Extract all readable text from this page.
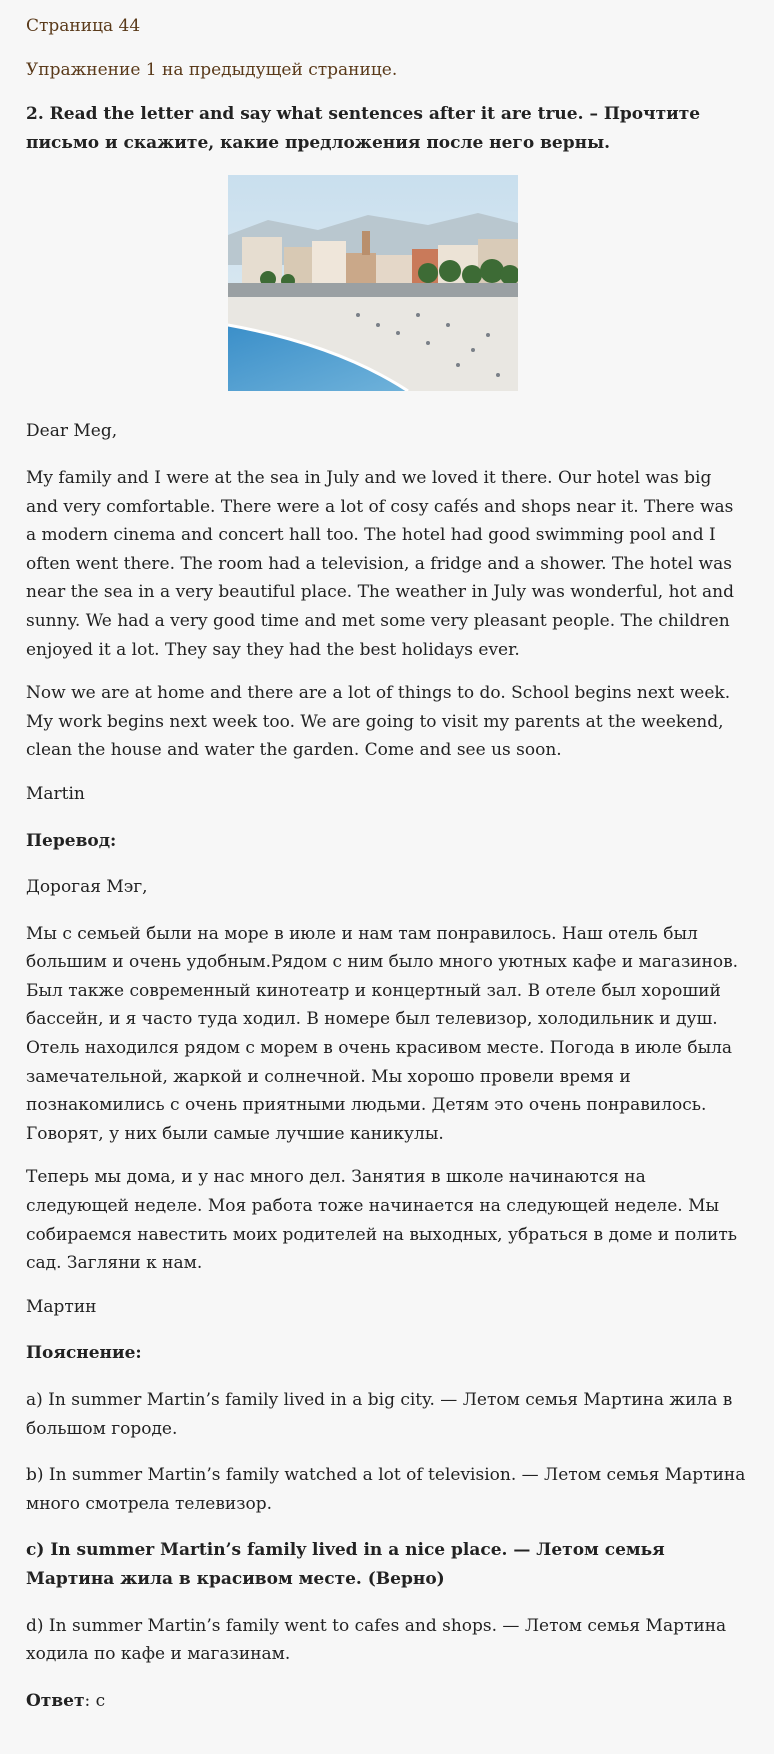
Страница 44

Упражнение 1 на предыдущей странице.

2. Read the letter and say what sentences after it are true. – Прочтите письмо и скажите, какие предложения после него верны.

Dear Meg,

My family and I were at the sea in July and we loved it there. Our hotel was big and very comfortable. There were a lot of cosy cafés and shops near it. There was a modern cinema and concert hall too. The hotel had good swimming pool and I often went there. The room had a television, a fridge and a shower. The hotel was near the sea in a very beautiful place. The weather in July was wonderful, hot and sunny. We had a very good time and met some very pleasant people. The children enjoyed it a lot. They say they had the best holidays ever.

Now we are at home and there are a lot of things to do. School begins next week. My work begins next week too. We are going to visit my parents at the weekend, clean the house and water the garden. Come and see us soon.

Martin

Перевод:

Дорогая Мэг,

Мы с семьей были на море в июле и нам там понравилось. Наш отель был большим и очень удобным.Рядом с ним было много уютных кафе и магазинов. Был также современный кинотеатр и концертный зал. В отеле был хороший бассейн, и я часто туда ходил. В номере был телевизор, холодильник и душ. Отель находился рядом с морем в очень красивом месте. Погода в июле была замечательной, жаркой и солнечной. Мы хорошо провели время и познакомились с очень приятными людьми. Детям это очень понравилось. Говорят, у них были самые лучшие каникулы.

Теперь мы дома, и у нас много дел. Занятия в школе начинаются на следующей неделе. Моя работа тоже начинается на следующей неделе. Мы собираемся навестить моих родителей на выходных, убраться в доме и полить сад. Загляни к нам.

Мартин

Пояснение:

a) In summer Martin’s family lived in a big city. — Летом семья Мартина жила в большом городе.

b) In summer Martin’s family watched a lot of television. — Летом семья Мартина много смотрела телевизор.

c) In summer Martin’s family lived in a nice place. — Летом семья Мартина жила в красивом месте. (Верно)

d) In summer Martin’s family went to cafes and shops. — Летом семья Мартина ходила по кафе и магазинам.

Ответ: c
